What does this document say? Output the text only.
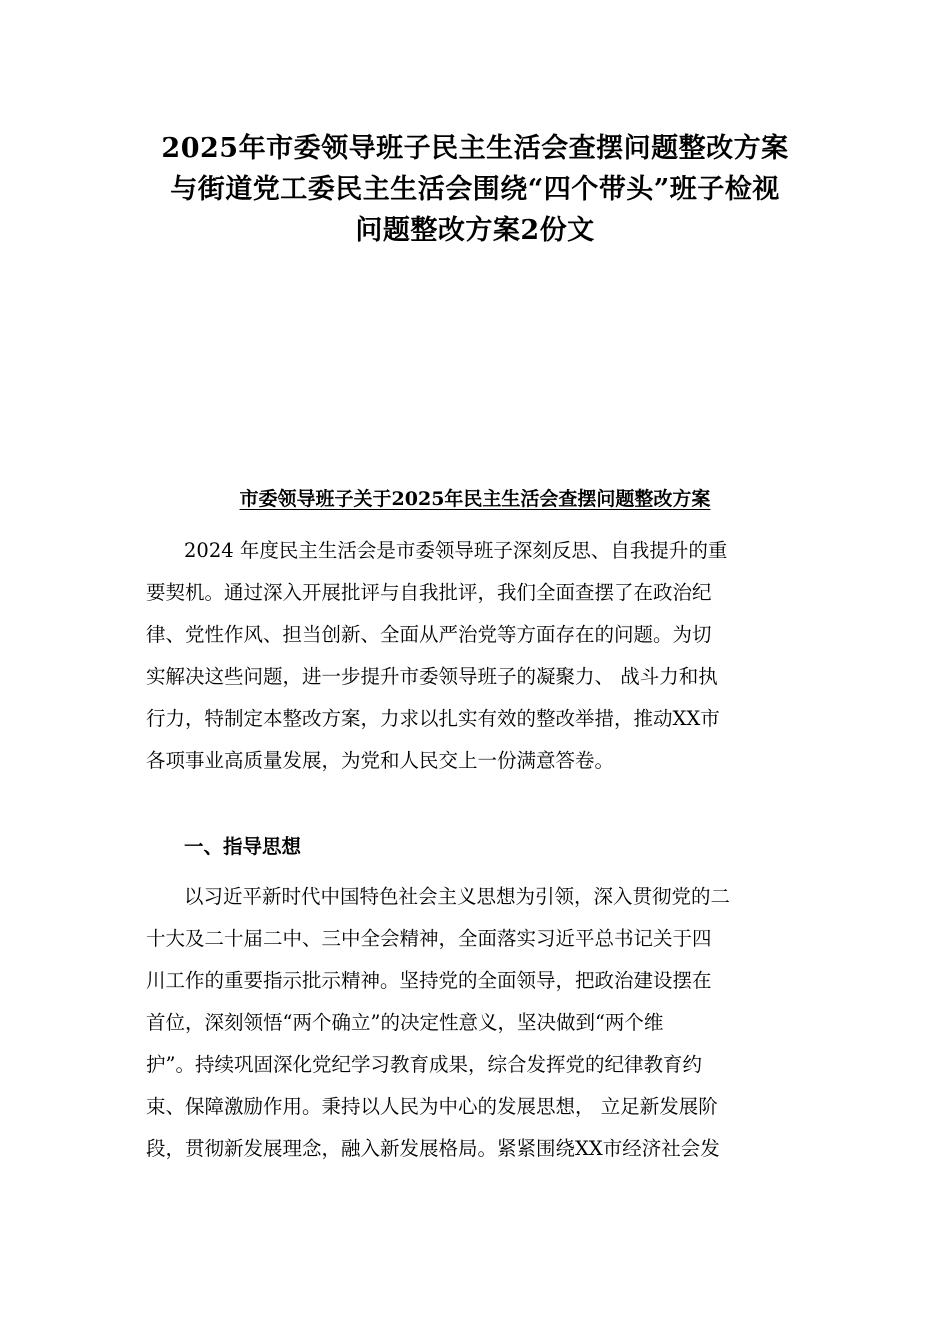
2025年市委领导班子民主生活会查摆问题整改方案
与街道党工委民主生活会围绕“四个带头”班子检视
问题整改方案2份文
市委领导班子关于2025年民主生活会查摆问题整改方案
2024 年度民主生活会是市委领导班子深刻反思、自我提升的重
要契机。通过深入开展批评与自我批评，我们全面查摆了在政治纪
律、党性作风、担当创新、全面从严治党等方面存在的问题。为切
实解决这些问题，进一步提升市委领导班子的凝聚力、 战斗力和执
行力，特制定本整改方案，力求以扎实有效的整改举措，推动XX市
各项事业高质量发展，为党和人民交上一份满意答卷。
一、指导思想
以习近平新时代中国特色社会主义思想为引领，深入贯彻党的二
十大及二十届二中、三中全会精神，全面落实习近平总书记关于四
川工作的重要指示批示精神。坚持党的全面领导，把政治建设摆在
首位，深刻领悟“两个确立”的决定性意义，坚决做到“两个维
护”。持续巩固深化党纪学习教育成果，综合发挥党的纪律教育约
束、保障激励作用。秉持以人民为中心的发展思想， 立足新发展阶
段，贯彻新发展理念，融入新发展格局。紧紧围绕XX市经济社会发
